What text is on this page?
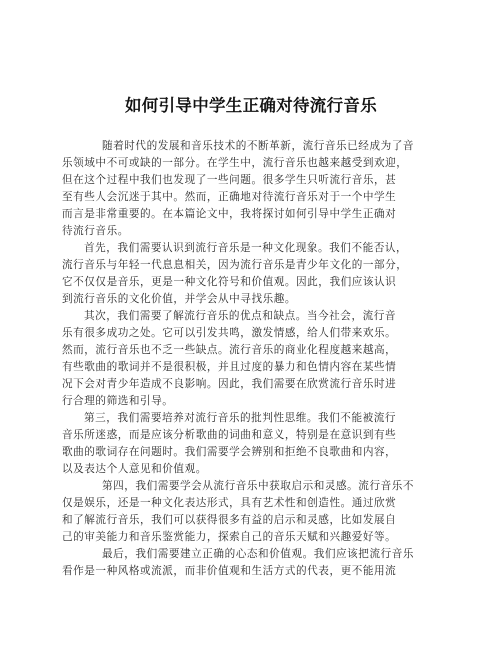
如何引导中学生正确对待流行音乐
随着时代的发展和音乐技术的不断革新，流行音乐已经成为了音
乐领域中不可或缺的一部分。在学生中，流行音乐也越来越受到欢迎，
但在这个过程中我们也发现了一些问题。很多学生只听流行音乐，甚
至有些人会沉迷于其中。然而，正确地对待流行音乐对于一个中学生
而言是非常重要的。在本篇论文中，我将探讨如何引导中学生正确对
待流行音乐。
首先，我们需要认识到流行音乐是一种文化现象。我们不能否认，
流行音乐与年轻一代息息相关，因为流行音乐是青少年文化的一部分，
它不仅仅是音乐，更是一种文化符号和价值观。因此，我们应该认识
到流行音乐的文化价值，并学会从中寻找乐趣。
其次，我们需要了解流行音乐的优点和缺点。当今社会，流行音
乐有很多成功之处。它可以引发共鸣，激发情感，给人们带来欢乐。
然而，流行音乐也不乏一些缺点。流行音乐的商业化程度越来越高，
有些歌曲的歌词并不是很积极，并且过度的暴力和色情内容在某些情
况下会对青少年造成不良影响。因此，我们需要在欣赏流行音乐时进
行合理的筛选和引导。
第三，我们需要培养对流行音乐的批判性思维。我们不能被流行
音乐所迷惑，而是应该分析歌曲的词曲和意义，特别是在意识到有些
歌曲的歌词存在问题时。我们需要学会辨别和拒绝不良歌曲和内容，
以及表达个人意见和价值观。
第四，我们需要学会从流行音乐中获取启示和灵感。流行音乐不
仅是娱乐，还是一种文化表达形式，具有艺术性和创造性。通过欣赏
和了解流行音乐，我们可以获得很多有益的启示和灵感，比如发展自
己的审美能力和音乐鉴赏能力，探索自己的音乐天赋和兴趣爱好等。
最后，我们需要建立正确的心态和价值观。我们应该把流行音乐
看作是一种风格或流派，而非价值观和生活方式的代表，更不能用流
